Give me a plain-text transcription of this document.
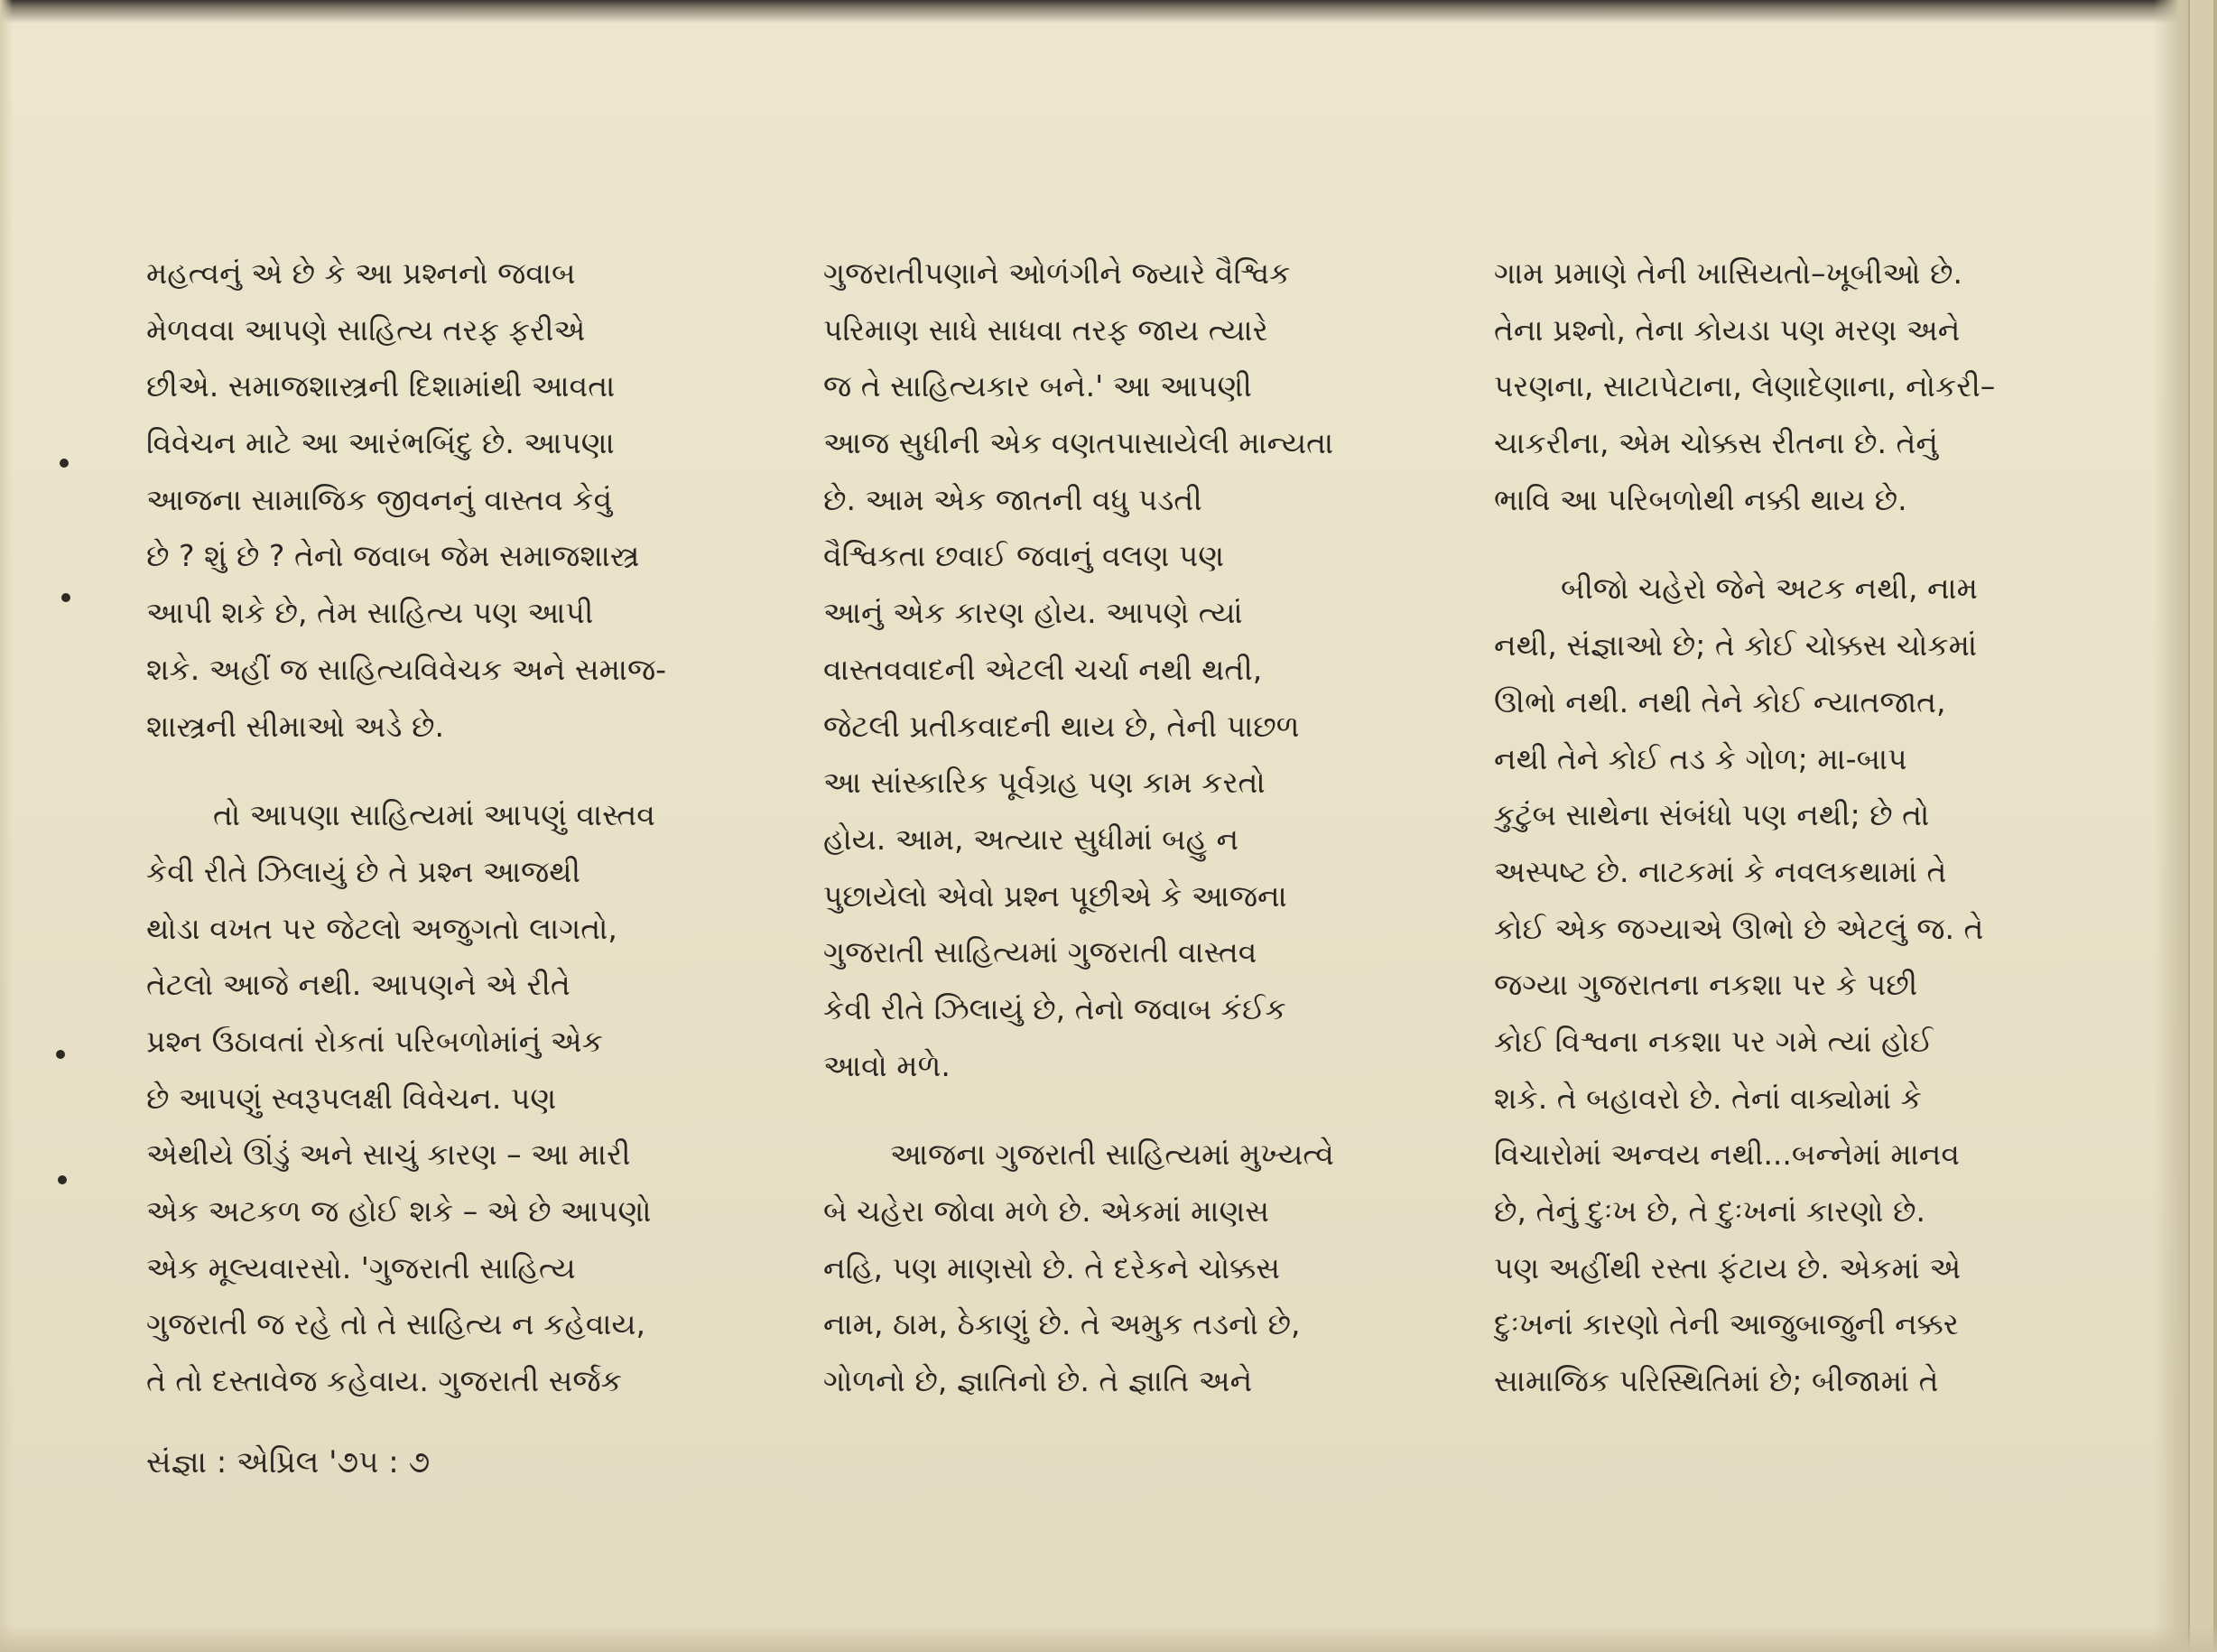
મહત્વનું એ છે કે આ પ્રશ્નનો જવાબ
મેળવવા આપણે સાહિત્ય તરફ ફરીએ
છીએ. સમાજશાસ્ત્રની દિશામાંથી આવતા
વિવેચન માટે આ આરંભબિંદુ છે. આપણા
આજના સામાજિક જીવનનું વાસ્તવ કેવું
છે ? શું છે ? તેનો જવાબ જેમ સમાજશાસ્ત્ર
આપી શકે છે, તેમ સાહિત્ય પણ આપી
શકે. અહીં જ સાહિત્યવિવેચક અને સમાજ-
શાસ્ત્રની સીમાઓ અડે છે.
તો આપણા સાહિત્યમાં આપણું વાસ્તવ
કેવી રીતે ઝિલાયું છે તે પ્રશ્ન આજથી
થોડા વખત પર જેટલો અજુગતો લાગતો,
તેટલો આજે નથી. આપણને એ રીતે
પ્રશ્ન ઉઠાવતાં રોકતાં પરિબળોમાંનું એક
છે આપણું સ્વરૂપલક્ષી વિવેચન. પણ
એથીયે ઊંડું અને સાચું કારણ – આ મારી
એક અટકળ જ હોઈ શકે – એ છે આપણો
એક મૂલ્યવારસો. 'ગુજરાતી સાહિત્ય
ગુજરાતી જ રહે તો તે સાહિત્ય ન કહેવાય,
તે તો દસ્તાવેજ કહેવાય. ગુજરાતી સર્જક
ગુજરાતીપણાને ઓળંગીને જ્યારે વૈશ્વિક
પરિમાણ સાધે સાધવા તરફ જાય ત્યારે
જ તે સાહિત્યકાર બને.' આ આપણી
આજ સુધીની એક વણતપાસાયેલી માન્યતા
છે. આમ એક જાતની વધુ પડતી
વૈશ્વિકતા છવાઈ જવાનું વલણ પણ
આનું એક કારણ હોય. આપણે ત્યાં
વાસ્તવવાદની એટલી ચર્ચા નથી થતી,
જેટલી પ્રતીકવાદની થાય છે, તેની પાછળ
આ સાંસ્કારિક પૂર્વગ્રહ પણ કામ કરતો
હોય. આમ, અત્યાર સુધીમાં બહુ ન
પુછાયેલો એવો પ્રશ્ન પૂછીએ કે આજના
ગુજરાતી સાહિત્યમાં ગુજરાતી વાસ્તવ
કેવી રીતે ઝિલાયું છે, તેનો જવાબ કંઈક
આવો મળે.
આજના ગુજરાતી સાહિત્યમાં મુખ્યત્વે
બે ચહેરા જોવા મળે છે. એકમાં માણસ
નહિ, પણ માણસો છે. તે દરેકને ચોક્કસ
નામ, ઠામ, ઠેકાણું છે. તે અમુક તડનો છે,
ગોળનો છે, જ્ઞાતિનો છે. તે જ્ઞાતિ અને
ગામ પ્રમાણે તેની ખાસિયતો–ખૂબીઓ છે.
તેના પ્રશ્નો, તેના કોયડા પણ મરણ અને
પરણના, સાટાપેટાના, લેણાદેણાના, નોકરી–
ચાકરીના, એમ ચોક્કસ રીતના છે. તેનું
ભાવિ આ પરિબળોથી નક્કી થાય છે.
બીજો ચહેરો જેને અટક નથી, નામ
નથી, સંજ્ઞાઓ છે; તે કોઈ ચોક્કસ ચોકમાં
ઊભો નથી. નથી તેને કોઈ ન્યાતજાત,
નથી તેને કોઈ તડ કે ગોળ; મા-બાપ
કુટુંબ સાથેના સંબંધો પણ નથી; છે તો
અસ્પષ્ટ છે. નાટકમાં કે નવલકથામાં તે
કોઈ એક જગ્યાએ ઊભો છે એટલું જ. તે
જગ્યા ગુજરાતના નકશા પર કે પછી
કોઈ વિશ્વના નકશા પર ગમે ત્યાં હોઈ
શકે. તે બહાવરો છે. તેનાં વાક્યોમાં કે
વિચારોમાં અન્વય નથી...બન્નેમાં માનવ
છે, તેનું દુઃખ છે, તે દુઃખનાં કારણો છે.
પણ અહીંથી રસ્તા ફંટાય છે. એકમાં એ
દુઃખનાં કારણો તેની આજુબાજુની નક્કર
સામાજિક પરિસ્થિતિમાં છે; બીજામાં તે
સંજ્ઞા : એપ્રિલ '૭૫ : ૭
